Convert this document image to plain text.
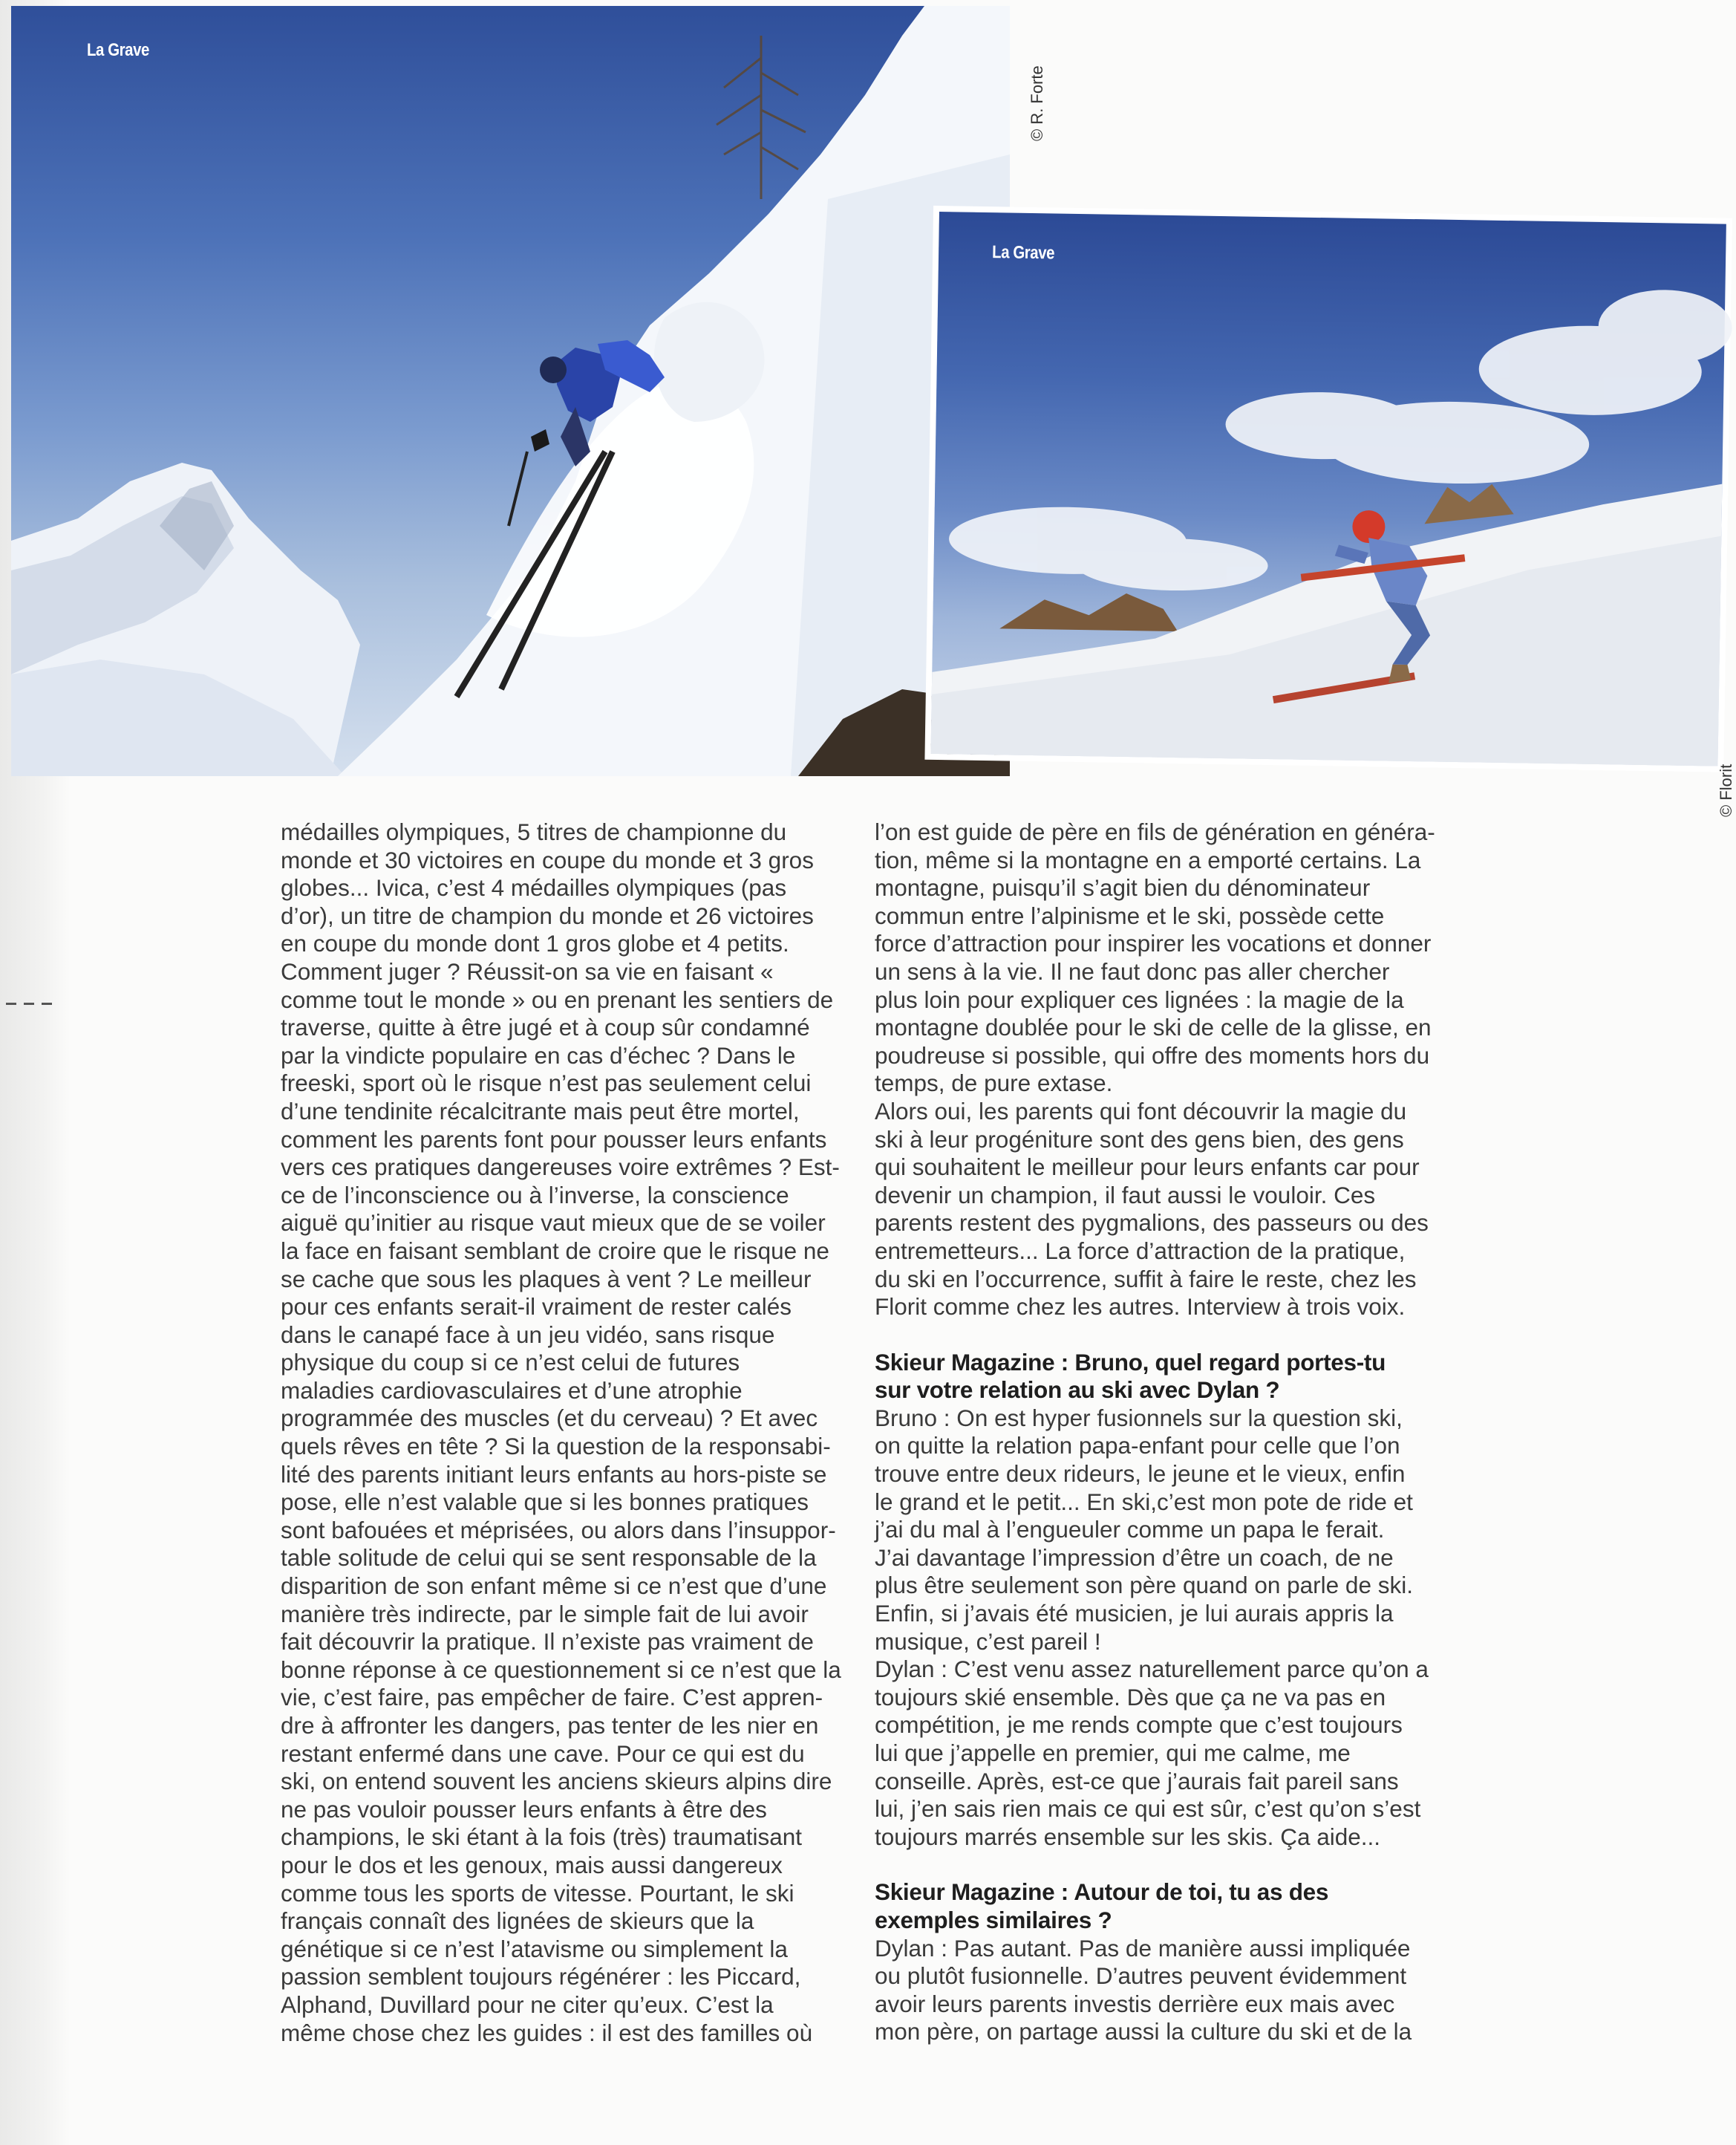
La Grave
© R. Forte
La Grave
© Florit

médailles olympiques, 5 titres de championne du
monde et 30 victoires en coupe du monde et 3 gros
globes... Ivica, c’est 4 médailles olympiques (pas
d’or), un titre de champion du monde et 26 victoires
en coupe du monde dont 1 gros globe et 4 petits.
Comment juger ? Réussit-on sa vie en faisant «
comme tout le monde » ou en prenant les sentiers de
traverse, quitte à être jugé et à coup sûr condamné
par la vindicte populaire en cas d’échec ? Dans le
freeski, sport où le risque n’est pas seulement celui
d’une tendinite récalcitrante mais peut être mortel,
comment les parents font pour pousser leurs enfants
vers ces pratiques dangereuses voire extrêmes ? Est-
ce de l’inconscience ou à l’inverse, la conscience
aiguë qu’initier au risque vaut mieux que de se voiler
la face en faisant semblant de croire que le risque ne
se cache que sous les plaques à vent ? Le meilleur
pour ces enfants serait-il vraiment de rester calés
dans le canapé face à un jeu vidéo, sans risque
physique du coup si ce n’est celui de futures
maladies cardiovasculaires et d’une atrophie
programmée des muscles (et du cerveau) ? Et avec
quels rêves en tête ? Si la question de la responsabi-
lité des parents initiant leurs enfants au hors-piste se
pose, elle n’est valable que si les bonnes pratiques
sont bafouées et méprisées, ou alors dans l’insuppor-
table solitude de celui qui se sent responsable de la
disparition de son enfant même si ce n’est que d’une
manière très indirecte, par le simple fait de lui avoir
fait découvrir la pratique. Il n’existe pas vraiment de
bonne réponse à ce questionnement si ce n’est que la
vie, c’est faire, pas empêcher de faire. C’est appren-
dre à affronter les dangers, pas tenter de les nier en
restant enfermé dans une cave. Pour ce qui est du
ski, on entend souvent les anciens skieurs alpins dire
ne pas vouloir pousser leurs enfants à être des
champions, le ski étant à la fois (très) traumatisant
pour le dos et les genoux, mais aussi dangereux
comme tous les sports de vitesse. Pourtant, le ski
français connaît des lignées de skieurs que la
génétique si ce n’est l’atavisme ou simplement la
passion semblent toujours régénérer : les Piccard,
Alphand, Duvillard pour ne citer qu’eux. C’est la
même chose chez les guides : il est des familles où

l’on est guide de père en fils de génération en généra-
tion, même si la montagne en a emporté certains. La
montagne, puisqu’il s’agit bien du dénominateur
commun entre l’alpinisme et le ski, possède cette
force d’attraction pour inspirer les vocations et donner
un sens à la vie. Il ne faut donc pas aller chercher
plus loin pour expliquer ces lignées : la magie de la
montagne doublée pour le ski de celle de la glisse, en
poudreuse si possible, qui offre des moments hors du
temps, de pure extase.
Alors oui, les parents qui font découvrir la magie du
ski à leur progéniture sont des gens bien, des gens
qui souhaitent le meilleur pour leurs enfants car pour
devenir un champion, il faut aussi le vouloir. Ces
parents restent des pygmalions, des passeurs ou des
entremetteurs... La force d’attraction de la pratique,
du ski en l’occurrence, suffit à faire le reste, chez les
Florit comme chez les autres. Interview à trois voix.

Skieur Magazine : Bruno, quel regard portes-tu
sur votre relation au ski avec Dylan ?

Bruno : On est hyper fusionnels sur la question ski,
on quitte la relation papa-enfant pour celle que l’on
trouve entre deux rideurs, le jeune et le vieux, enfin
le grand et le petit... En ski,c’est mon pote de ride et
j’ai du mal à l’engueuler comme un papa le ferait.
J’ai davantage l’impression d’être un coach, de ne
plus être seulement son père quand on parle de ski.
Enfin, si j’avais été musicien, je lui aurais appris la
musique, c’est pareil !
Dylan : C’est venu assez naturellement parce qu’on a
toujours skié ensemble. Dès que ça ne va pas en
compétition, je me rends compte que c’est toujours
lui que j’appelle en premier, qui me calme, me
conseille. Après, est-ce que j’aurais fait pareil sans
lui, j’en sais rien mais ce qui est sûr, c’est qu’on s’est
toujours marrés ensemble sur les skis. Ça aide...

Skieur Magazine : Autour de toi, tu as des
exemples similaires ?

Dylan : Pas autant. Pas de manière aussi impliquée
ou plutôt fusionnelle. D’autres peuvent évidemment
avoir leurs parents investis derrière eux mais avec
mon père, on partage aussi la culture du ski et de la
